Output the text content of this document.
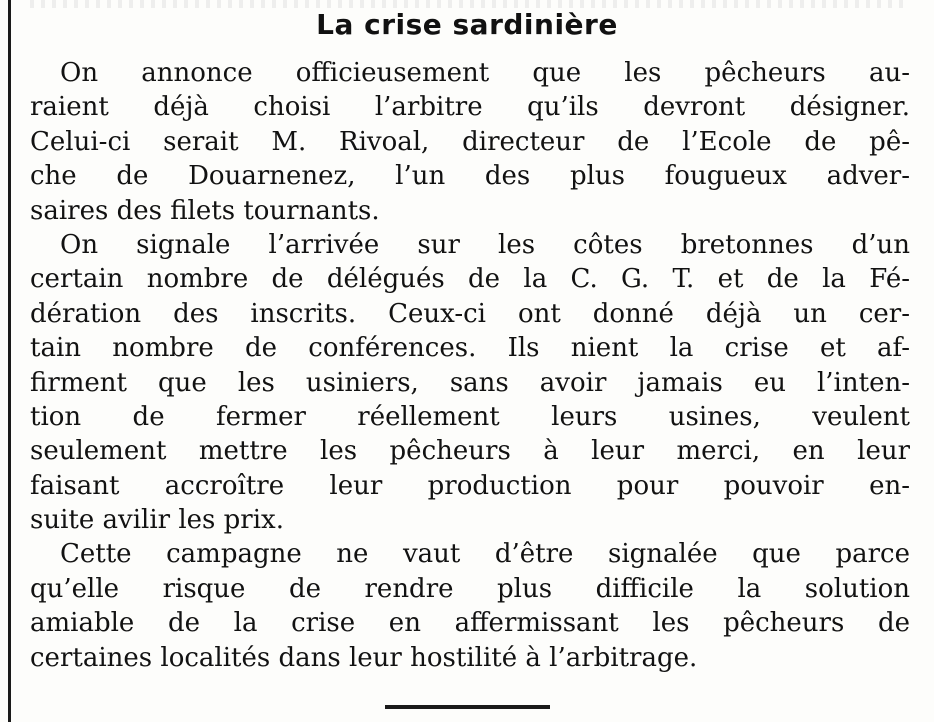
La crise sardinière
On annonce officieusement que les pêcheurs au-
raient déjà choisi l’arbitre qu’ils devront désigner.
Celui-ci serait M. Rivoal, directeur de l’Ecole de pê-
che de Douarnenez, l’un des plus fougueux adver-
saires des filets tournants.
On signale l’arrivée sur les côtes bretonnes d’un
certain nombre de délégués de la C. G. T. et de la Fé-
dération des inscrits. Ceux-ci ont donné déjà un cer-
tain nombre de conférences. Ils nient la crise et af-
firment que les usiniers, sans avoir jamais eu l’inten-
tion de fermer réellement leurs usines, veulent
seulement mettre les pêcheurs à leur merci, en leur
faisant accroître leur production pour pouvoir en-
suite avilir les prix.
Cette campagne ne vaut d’être signalée que parce
qu’elle risque de rendre plus difficile la solution
amiable de la crise en affermissant les pêcheurs de
certaines localités dans leur hostilité à l’arbitrage.
